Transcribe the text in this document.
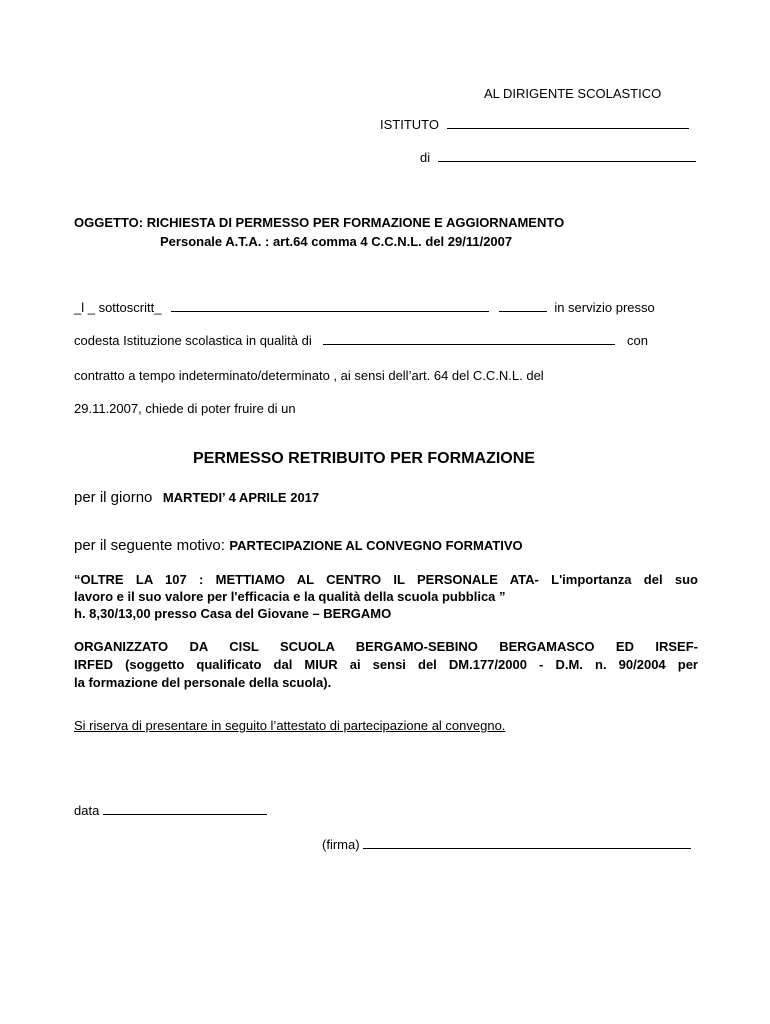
AL DIRIGENTE SCOLASTICO
ISTITUTO
di
OGGETTO: RICHIESTA DI PERMESSO PER FORMAZIONE E AGGIORNAMENTO
Personale A.T.A. : art.64 comma 4 C.C.N.L. del 29/11/2007
_l _ sottoscritt_	in servizio presso
codesta Istituzione scolastica in qualità di	con
contratto a tempo indeterminato/determinato , ai sensi dell’art. 64 del C.C.N.L. del
29.11.2007, chiede di poter fruire di un
PERMESSO RETRIBUITO PER FORMAZIONE
per il giorno MARTEDI’ 4 APRILE 2017
per il seguente motivo: PARTECIPAZIONE AL CONVEGNO FORMATIVO
“OLTRE LA 107 : METTIAMO AL CENTRO IL PERSONALE ATA- L'importanza del suo
lavoro e il suo valore per l'efficacia e la qualità della scuola pubblica ”
h. 8,30/13,00 presso Casa del Giovane – BERGAMO
ORGANIZZATO DA CISL SCUOLA BERGAMO-SEBINO BERGAMASCO ED IRSEF-
IRFED (soggetto qualificato dal MIUR ai sensi del DM.177/2000 - D.M. n. 90/2004 per
la formazione del personale della scuola).
Si riserva di presentare in seguito l’attestato di partecipazione al convegno.
data
(firma)
